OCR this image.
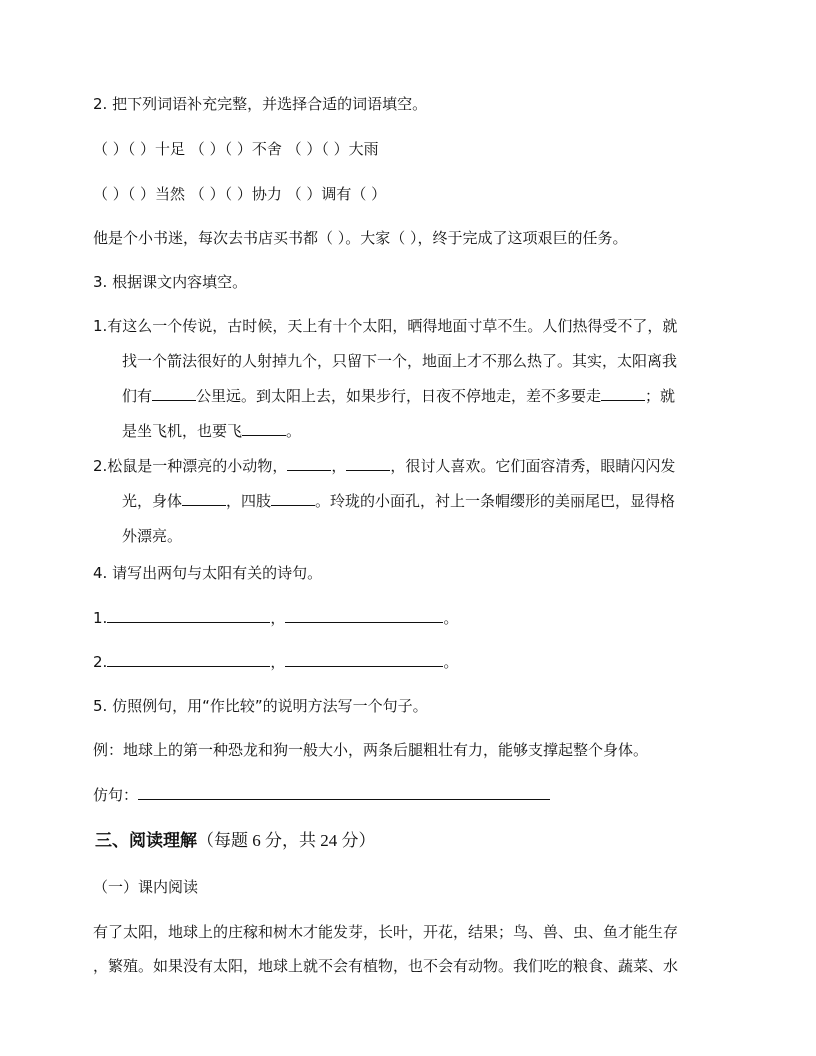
2. 把下列词语补充完整，并选择合适的词语填空。
（ ）（ ）十足 （ ）（ ）不舍 （ ）（ ）大雨
（ ）（ ）当然 （ ）（ ）协力 （ ）调有（ ）
他是个小书迷，每次去书店买书都（ ）。大家（ ），终于完成了这项艰巨的任务。
3. 根据课文内容填空。
1.有这么一个传说，古时候，天上有十个太阳，晒得地面寸草不生。人们热得受不了，就
找一个箭法很好的人射掉九个，只留下一个，地面上才不那么热了。其实，太阳离我
们有	公里远。到太阳上去，如果步行，日夜不停地走，差不多要走	；就
是坐飞机，也要飞	。
2.松鼠是一种漂亮的小动物，	，	，很讨人喜欢。它们面容清秀，眼睛闪闪发
光，身体	，四肢	。玲珑的小面孔，衬上一条帽缨形的美丽尾巴，显得格
外漂亮。
4. 请写出两句与太阳有关的诗句。
1.	，	。
2.	，	。
5. 仿照例句，用“作比较”的说明方法写一个句子。
例：地球上的第一种恐龙和狗一般大小，两条后腿粗壮有力，能够支撑起整个身体。
仿句：
三、阅读理解（每题 6 分，共 24 分）
（一）课内阅读
有了太阳，地球上的庄稼和树木才能发芽，长叶，开花，结果；鸟、兽、虫、鱼才能生存
，繁殖。如果没有太阳，地球上就不会有植物，也不会有动物。我们吃的粮食、蔬菜、水
